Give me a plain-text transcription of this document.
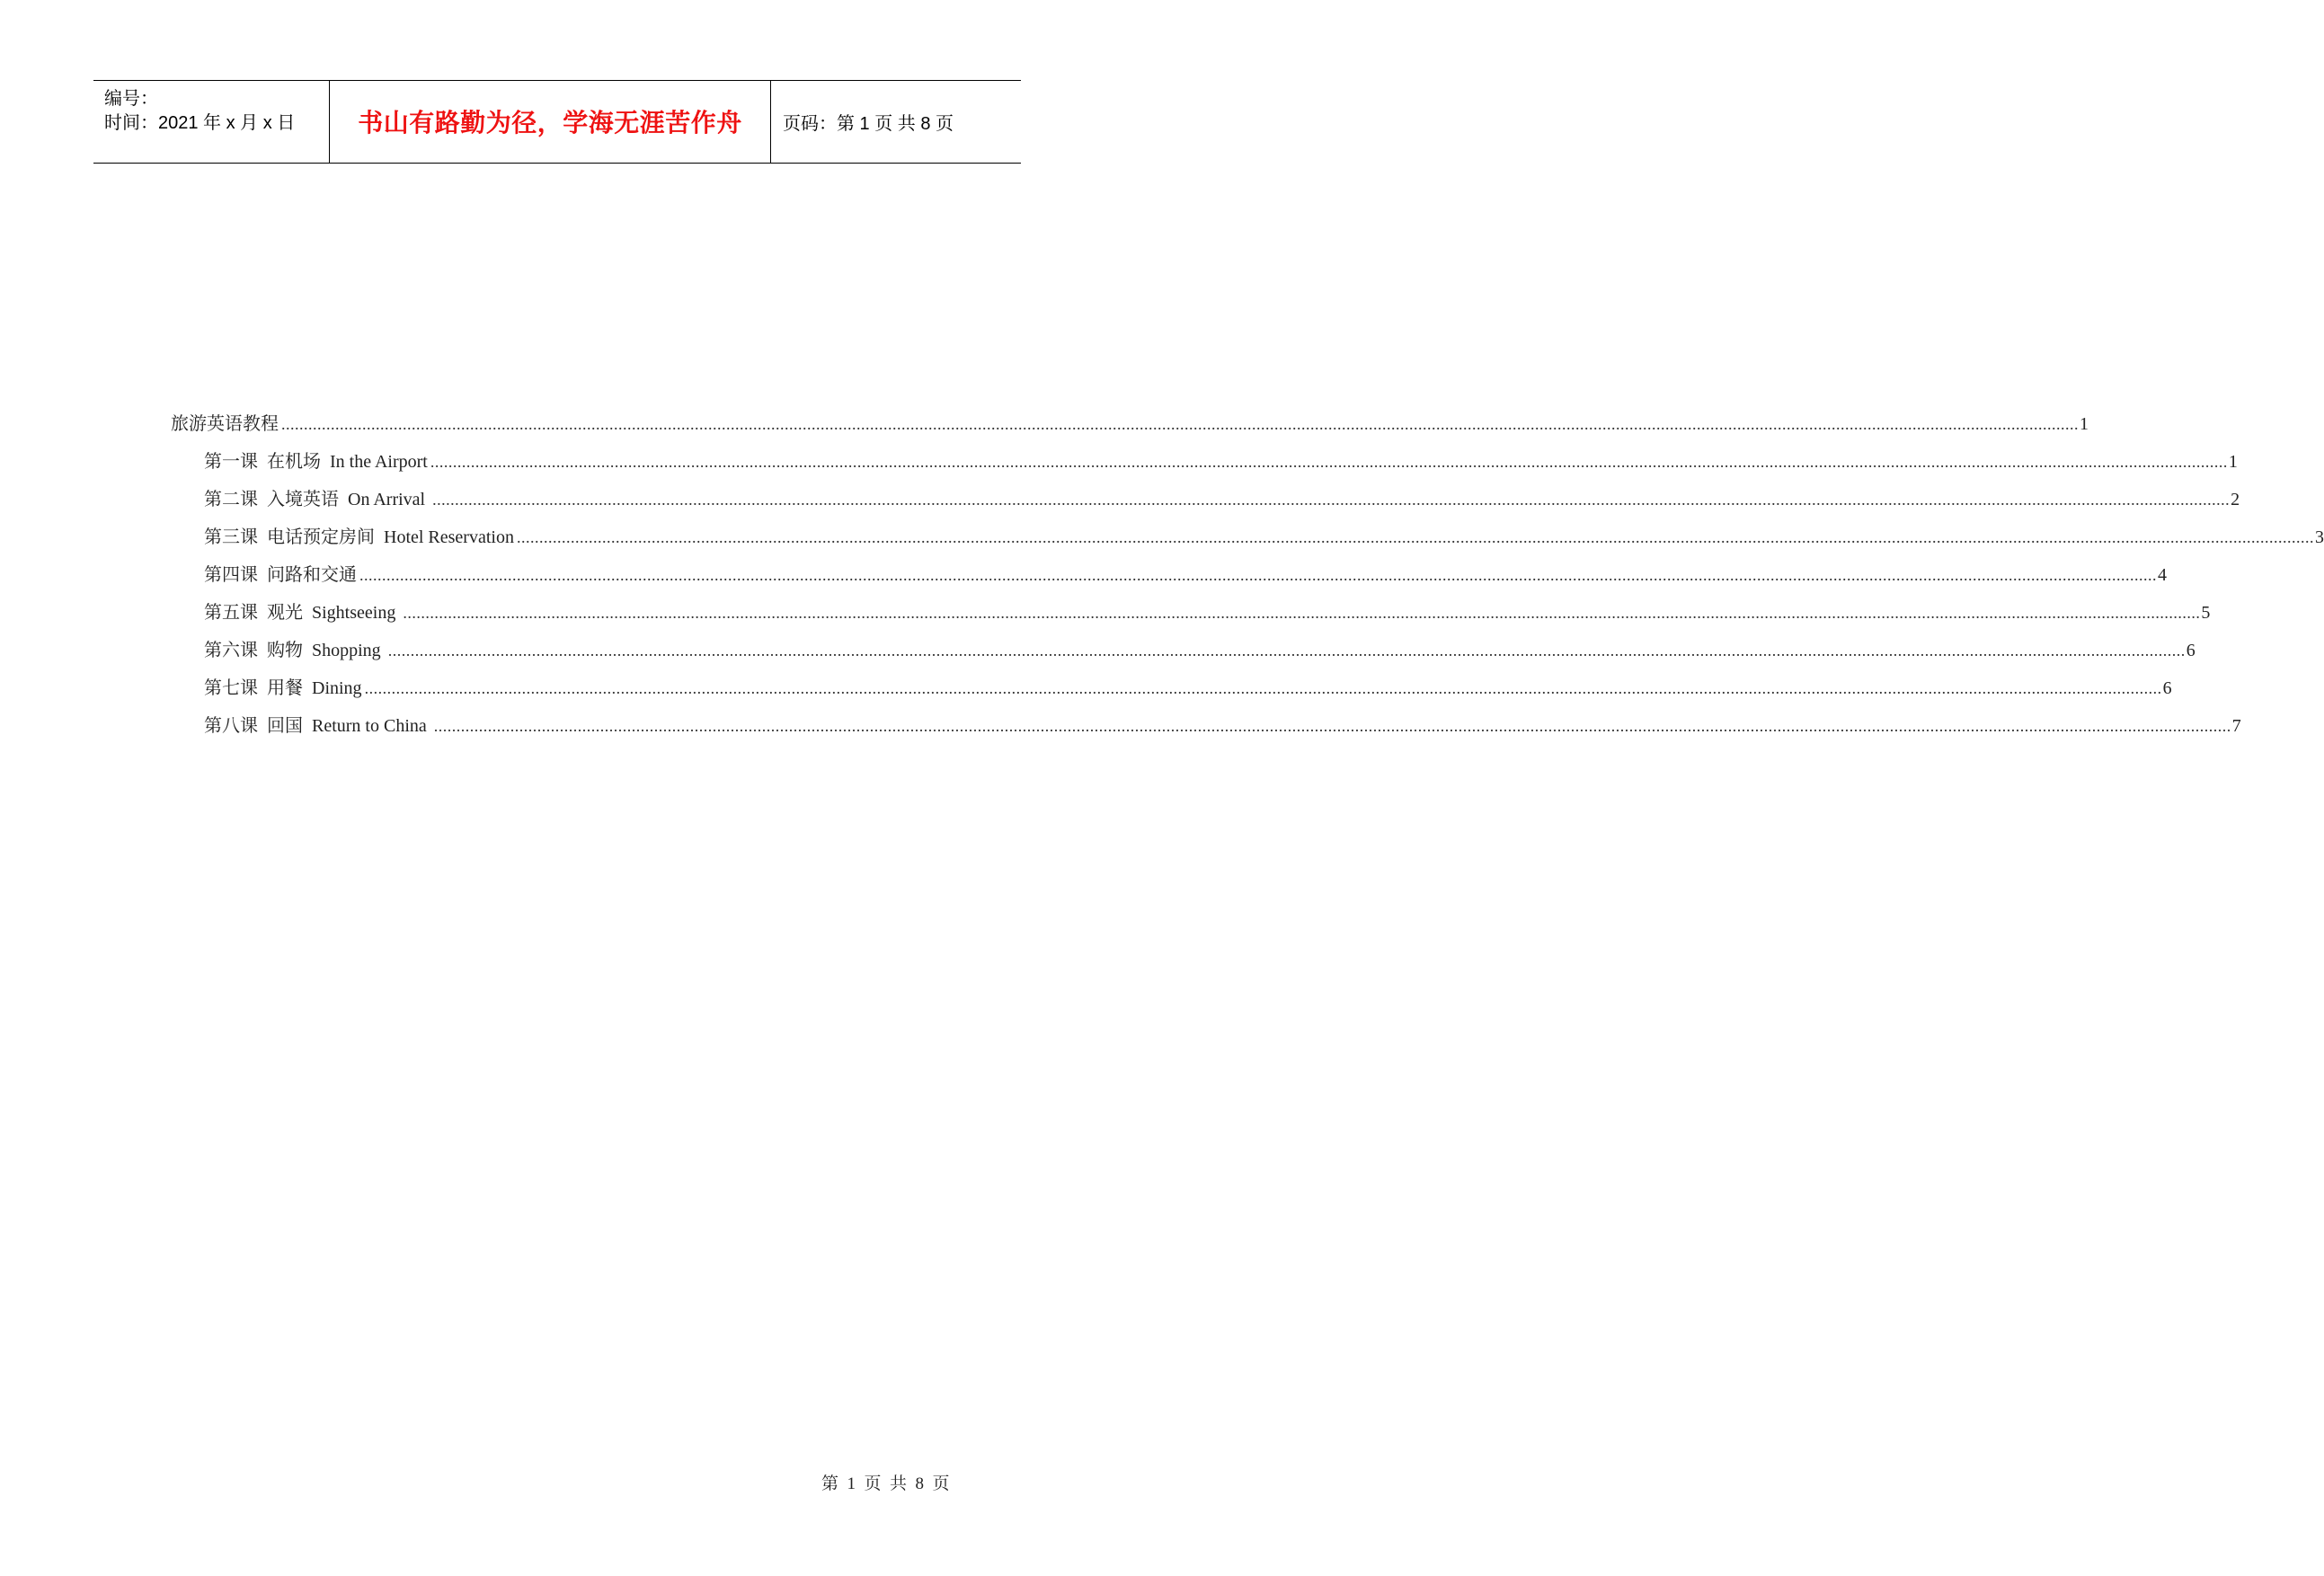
编号：
时间：2021 年 x 月 x 日 书山有路勤为径，学海无涯苦作舟 页码：第 1 页 共 8 页
旅游英语教程 ................................................................................................................................................................................................................................................................................................................................................................................................................ 1
第一课  在机场  In the Airport ................................................................................................................................................................................................................................................................................................................................................................................................................ 1
第二课  入境英语  On Arrival ................................................................................................................................................................................................................................................................................................................................................................................................................ 2
第三课  电话预定房间  Hotel Reservation ................................................................................................................................................................................................................................................................................................................................................................................................................ 3
第四课  问路和交通 ................................................................................................................................................................................................................................................................................................................................................................................................................ 4
第五课  观光  Sightseeing ................................................................................................................................................................................................................................................................................................................................................................................................................ 5
第六课  购物  Shopping ................................................................................................................................................................................................................................................................................................................................................................................................................ 6
第七课  用餐  Dining ................................................................................................................................................................................................................................................................................................................................................................................................................ 6
第八课  回国  Return to China ................................................................................................................................................................................................................................................................................................................................................................................................................ 7
第  1  页  共  8  页
